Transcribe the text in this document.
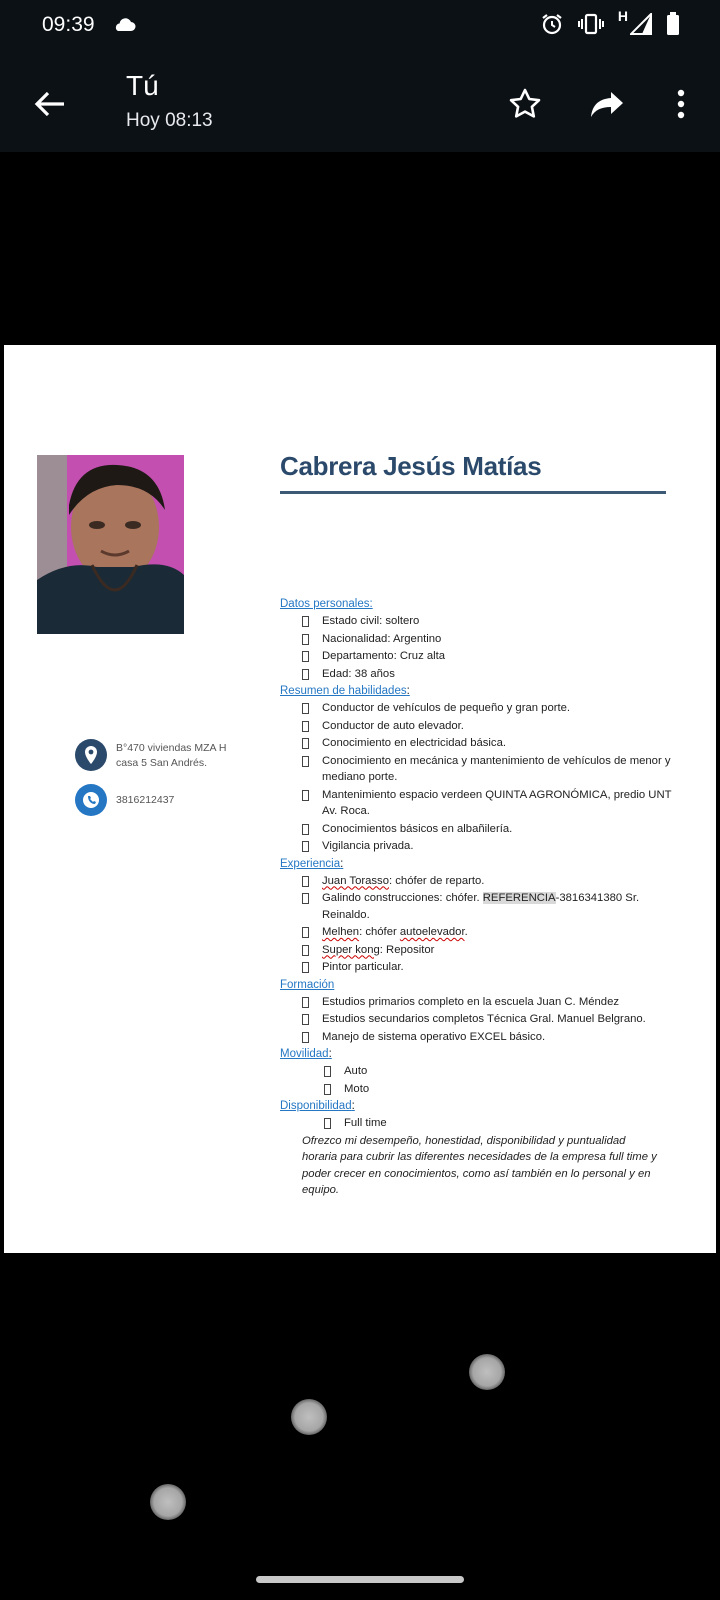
09:39	H
Tú
Hoy 08:13
Cabrera Jesús Matías
B°470 viviendas MZA H casa 5 San Andrés.
3816212437
Datos personales:
Estado civil: soltero
Nacionalidad: Argentino
Departamento: Cruz alta
Edad: 38 años
Resumen de habilidades:
Conductor de vehículos de pequeño y gran porte.
Conductor de auto elevador.
Conocimiento en electricidad básica.
Conocimiento en mecánica y mantenimiento de vehículos de menor y mediano porte.
Mantenimiento espacio verdeen QUINTA AGRONÓMICA, predio UNT Av. Roca.
Conocimientos básicos en albañilería.
Vigilancia privada.
Experiencia:
Juan Torasso: chófer de reparto.
Galindo construcciones: chófer. REFERENCIA-3816341380 Sr. Reinaldo.
Melhen: chófer autoelevador.
Super kong: Repositor
Pintor particular.
Formación
Estudios primarios completo en la escuela Juan C. Méndez
Estudios secundarios completos Técnica Gral. Manuel Belgrano.
Manejo de sistema operativo EXCEL básico.
Movilidad:
Auto
Moto
Disponibilidad:
Full time
Ofrezco mi desempeño, honestidad, disponibilidad y puntualidad horaria para cubrir las diferentes necesidades de la empresa full time y poder crecer en conocimientos, como así también en lo personal y en equipo.
